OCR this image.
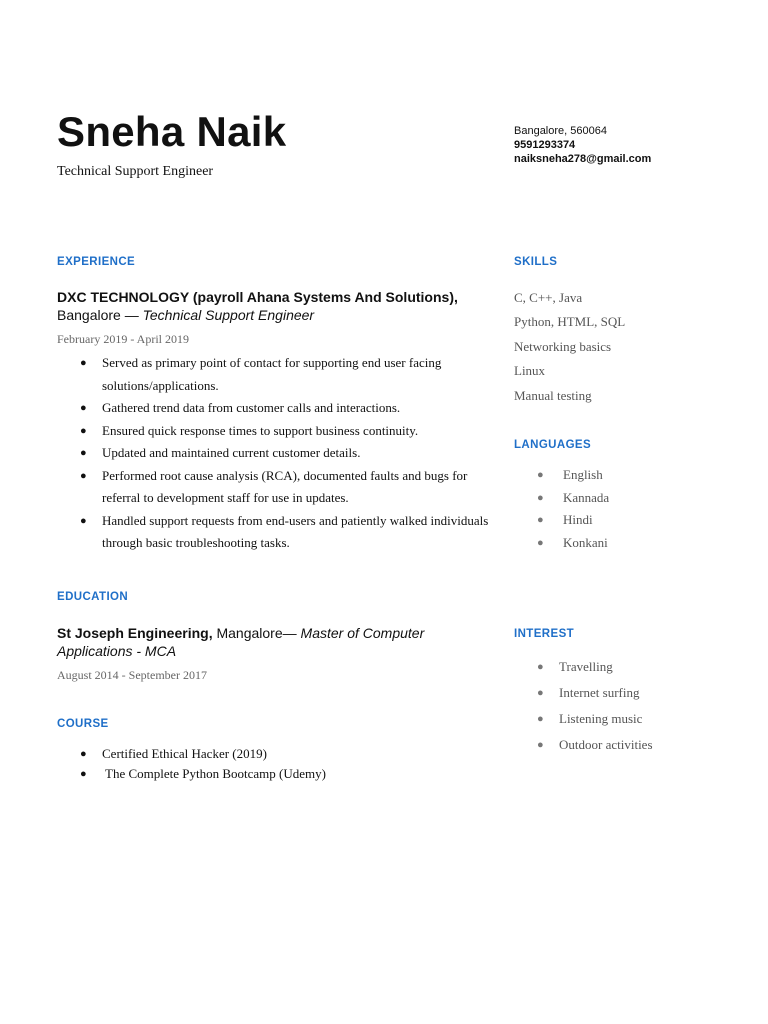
Sneha Naik
Technical Support Engineer
Bangalore, 560064
9591293374
naiksneha278@gmail.com
EXPERIENCE
DXC TECHNOLOGY (payroll Ahana Systems And Solutions), Bangalore — Technical Support Engineer
February 2019 - April 2019
● Served as primary point of contact for supporting end user facing solutions/applications.
● Gathered trend data from customer calls and interactions.
● Ensured quick response times to support business continuity.
● Updated and maintained current customer details.
● Performed root cause analysis (RCA), documented faults and bugs for referral to development staff for use in updates.
● Handled support requests from end-users and patiently walked individuals through basic troubleshooting tasks.
EDUCATION
St Joseph Engineering, Mangalore— Master of Computer Applications - MCA
August 2014 - September 2017
COURSE
● Certified Ethical Hacker (2019)
● The Complete Python Bootcamp (Udemy)
SKILLS
C, C++, Java
Python, HTML, SQL
Networking basics
Linux
Manual testing
LANGUAGES
● English
● Kannada
● Hindi
● Konkani
INTEREST
● Travelling
● Internet surfing
● Listening music
● Outdoor activities
